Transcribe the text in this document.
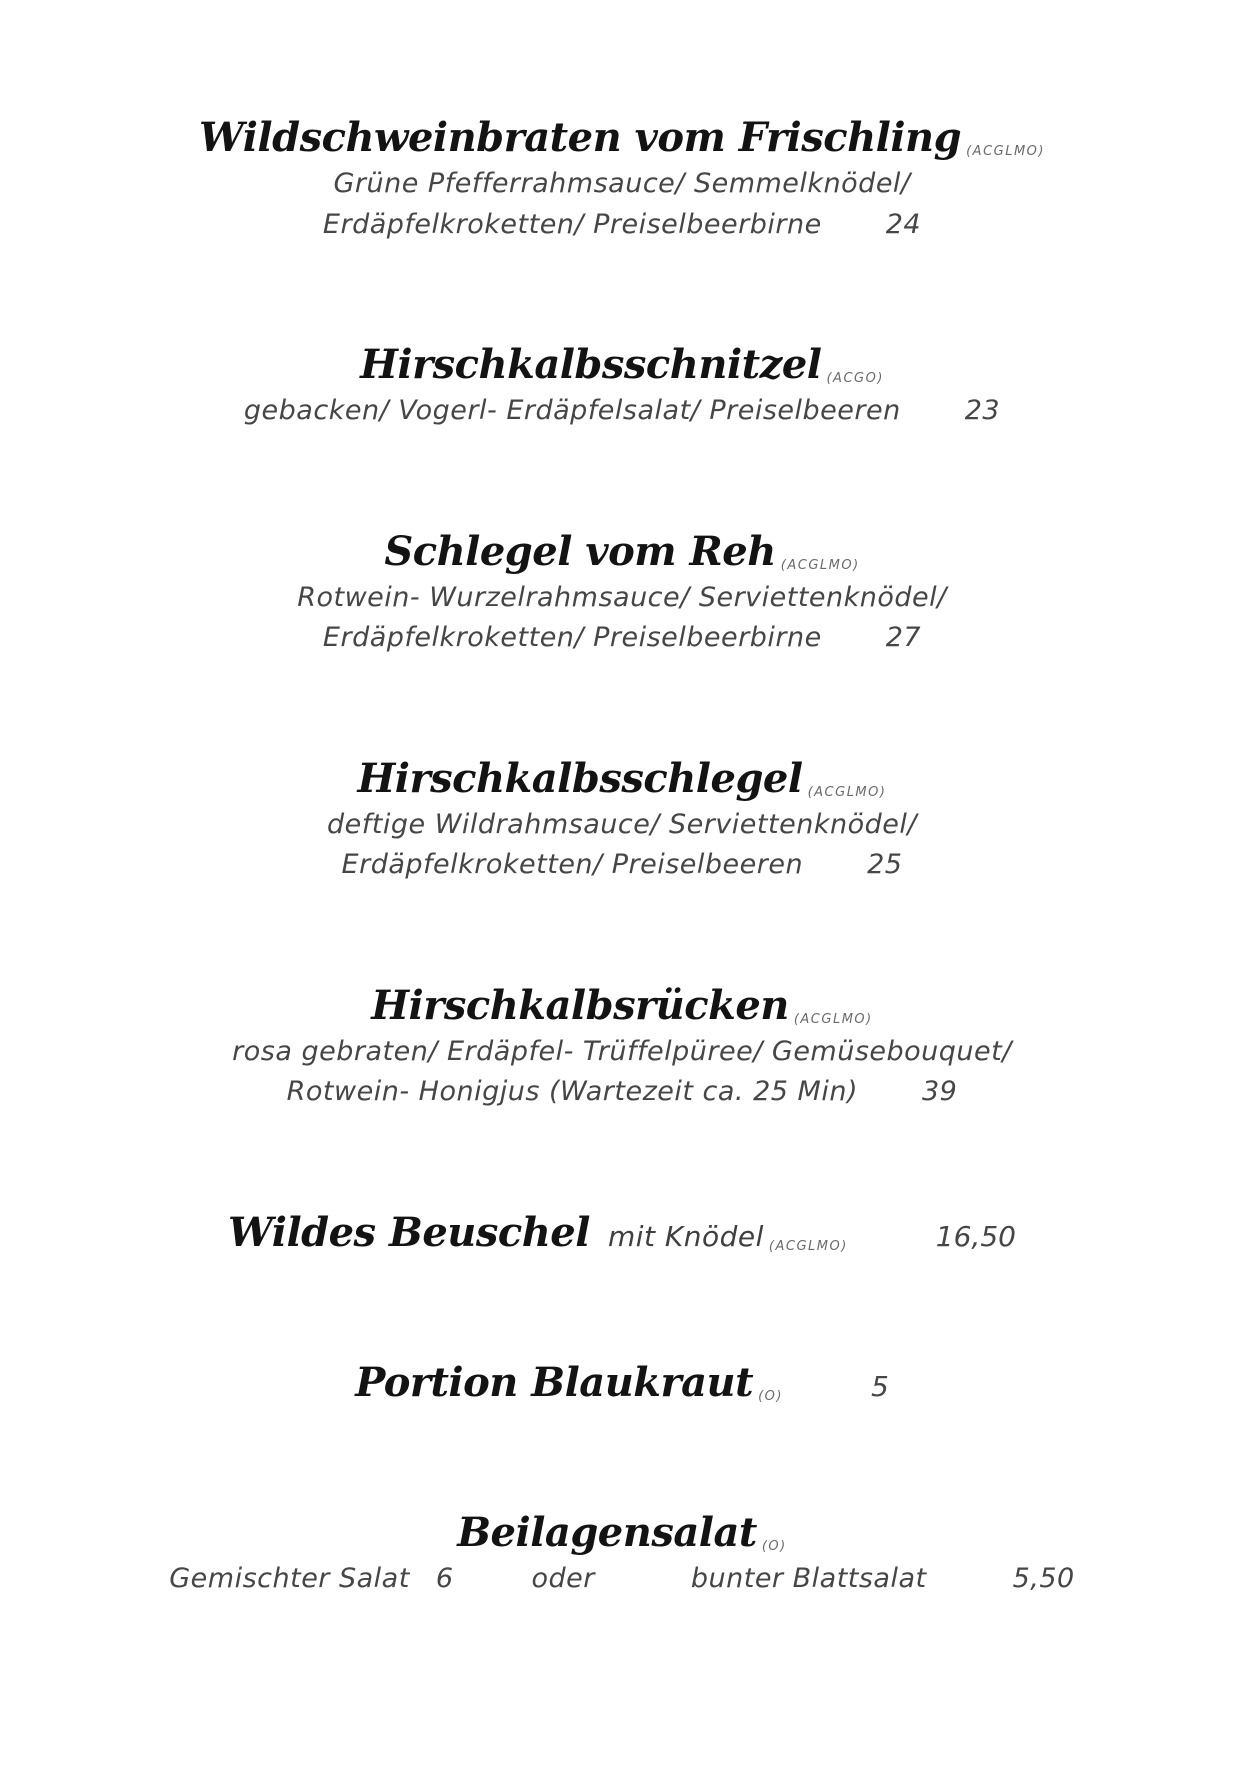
Wildschweinbraten vom Frischling $_{(ACGLMO)}$

Grüne Pfefferrahmsauce/ Semmelknödel/

Erdäpfelkroketten/ Preiselbeerbirne 24

Hirschkalbsschnitzel $_{(ACGO)}$

gebacken/ Vogerl- Erdäpfelsalat/ Preiselbeeren 23

Schlegel vom Reh $_{(ACGLMO)}$

Rotwein- Wurzelrahmsauce/ Serviettenknödel/

Erdäpfelkroketten/ Preiselbeerbirne 27

Hirschkalbsschlegel $_{(ACGLMO)}$

deftige Wildrahmsauce/ Serviettenknödel/

Erdäpfelkroketten/ Preiselbeeren 25

Hirschkalbsrücken $_{(ACGLMO)}$

rosa gebraten/ Erdäpfel- Trüffelpüree/ Gemüsebouquet/

Rotwein- Honigjus (Wartezeit ca. 25 Min) 39

Wildes Beuschel mit Knödel $_{(ACGLMO)}$	16,50
Portion Blaukraut $_{(O)}$	5
Beilagensalat $_{(O)}$

Gemischter Salat 6	oder	bunter Blattsalat	5,50
